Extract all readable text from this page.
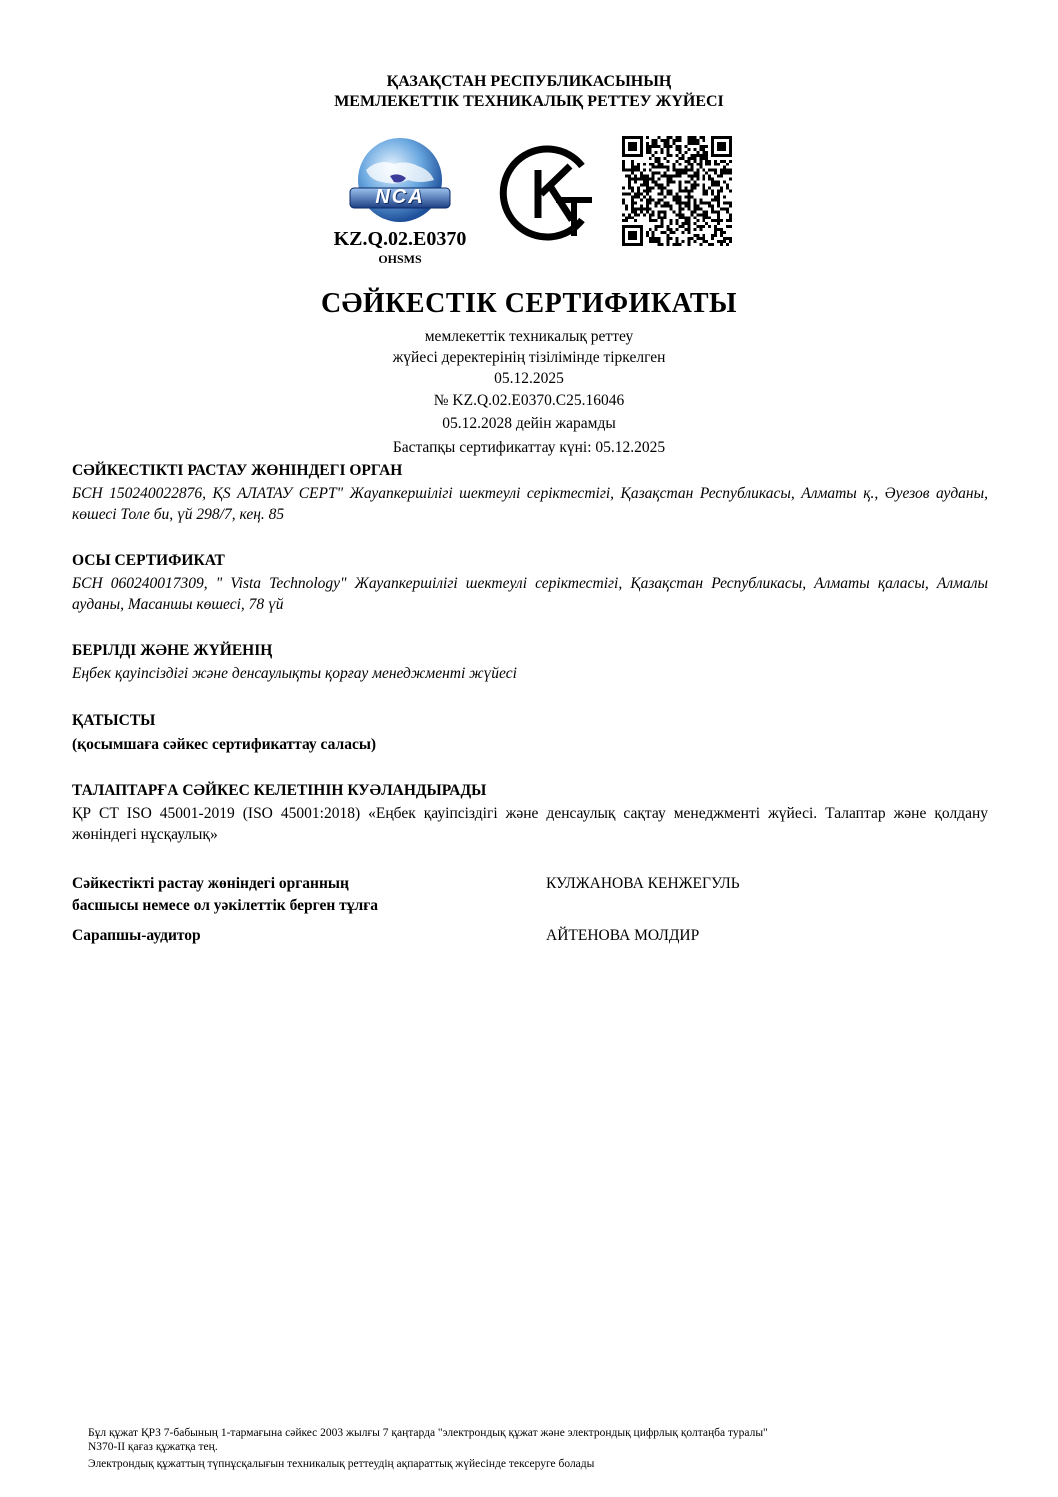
ҚАЗАҚСТАН РЕСПУБЛИКАСЫНЫҢ
МЕМЛЕКЕТТІК ТЕХНИКАЛЫҚ РЕТТЕУ ЖҮЙЕСІ
NCA
KZ.Q.02.E0370
OHSMS
СӘЙКЕСТІК СЕРТИФИКАТЫ
мемлекеттік техникалық реттеу
жүйесі деректерінің тізілімінде тіркелген
05.12.2025
№ KZ.Q.02.E0370.C25.16046
05.12.2028 дейін жарамды
Бастапқы сертификаттау күні: 05.12.2025
СӘЙКЕСТІКТІ РАСТАУ ЖӨНІНДЕГІ ОРГАН
БСН 150240022876, ҚS АЛАТАУ СЕРТ" Жауапкершілігі шектеулі серіктестігі, Қазақстан Республикасы, Алматы қ., Әуезов ауданы, көшесі Толе би, үй 298/7, кең. 85
ОСЫ СЕРТИФИКАТ
БСН 060240017309, " Vista Technology" Жауапкершілігі шектеулі серіктестігі, Қазақстан Республикасы, Алматы қаласы, Алмалы ауданы, Масаншы көшесі, 78 үй
БЕРІЛДІ ЖӘНЕ ЖҮЙЕНІҢ
Еңбек қауіпсіздігі және денсаулықты қорғау менеджменті жүйесі
ҚАТЫСТЫ
(қосымшаға сәйкес сертификаттау саласы)
ТАЛАПТАРҒА СӘЙКЕС КЕЛЕТІНІН КУӘЛАНДЫРАДЫ
ҚР СТ ISO 45001-2019 (ISO 45001:2018) «Еңбек қауіпсіздігі және денсаулық сақтау менеджменті жүйесі. Талаптар және қолдану жөніндегі нұсқаулық»
Сәйкестікті растау жөніндегі органның
басшысы немесе ол уәкілеттік берген тұлға
КУЛЖАНОВА КЕНЖЕГУЛЬ
Сарапшы-аудитор	АЙТЕНОВА МОЛДИР
Бұл құжат ҚРЗ 7-бабының 1-тармағына сәйкес 2003 жылғы 7 қаңтарда "электрондық құжат және электрондық цифрлық қолтаңба туралы"
N370-II қағаз құжатқа тең.
Электрондық құжаттың түпнұсқалығын техникалық реттеудің ақпараттық жүйесінде тексеруге болады
